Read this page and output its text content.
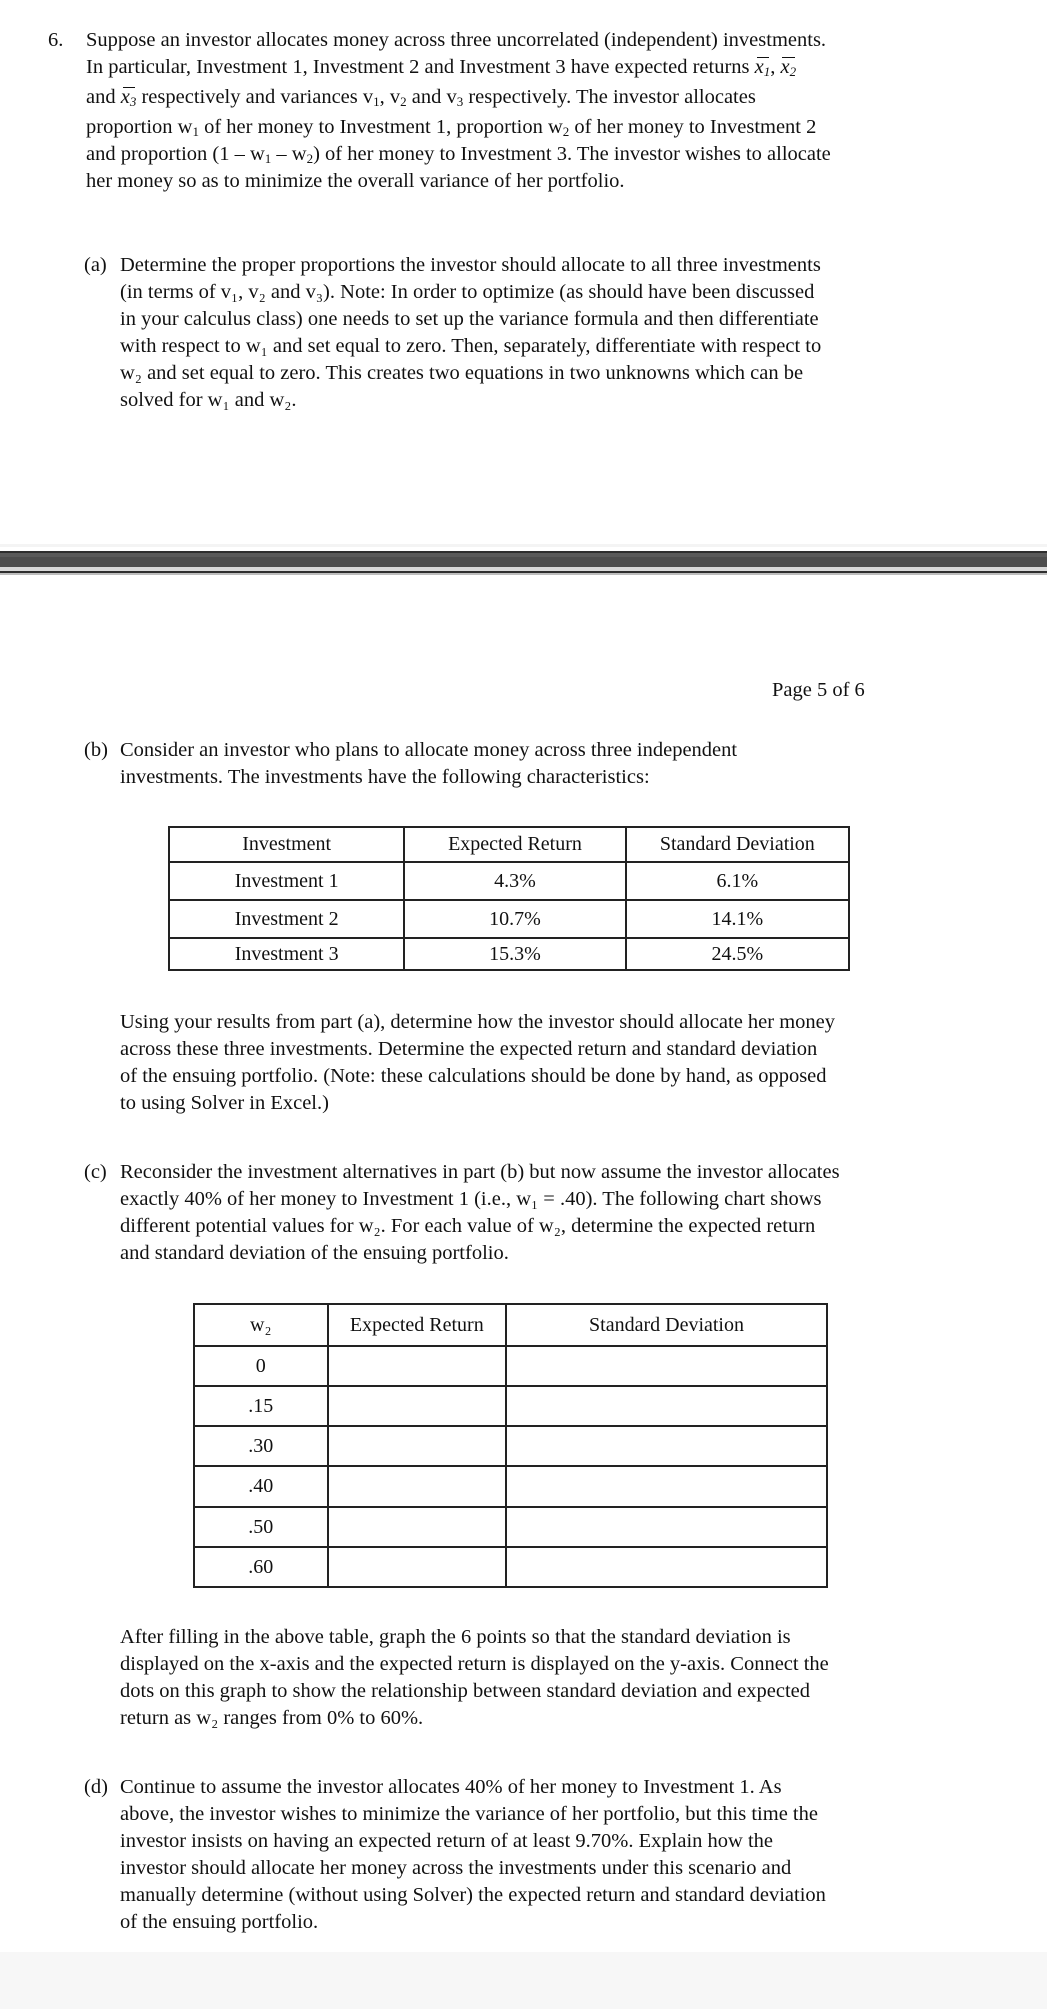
6. Suppose an investor allocates money across three uncorrelated (independent) investments.
In particular, Investment 1, Investment 2 and Investment 3 have expected returns $x_1$, $x_2$
and $x_3$ respectively and variances $v_1$, $v_2$ and $v_3$ respectively. The investor allocates
proportion $w_1$ of her money to Investment 1, proportion $w_2$ of her money to Investment 2
and proportion $(1 - w_1 - w_2)$ of her money to Investment 3. The investor wishes to allocate
her money so as to minimize the overall variance of her portfolio.
(a) Determine the proper proportions the investor should allocate to all three investments
(in terms of v₁, v₂ and v₃). Note: In order to optimize (as should have been discussed
in your calculus class) one needs to set up the variance formula and then differentiate
with respect to w₁ and set equal to zero. Then, separately, differentiate with respect to
w₂ and set equal to zero. This creates two equations in two unknowns which can be
solved for w₁ and w₂.
Page 5 of 6
(b) Consider an investor who plans to allocate money across three independent
investments. The investments have the following characteristics:
Investment	Expected Return	Standard Deviation
Investment 1	4.3%	6.1%
Investment 2	10.7%	14.1%
Investment 3	15.3%	24.5%
Using your results from part (a), determine how the investor should allocate her money
across these three investments. Determine the expected return and standard deviation
of the ensuing portfolio. (Note: these calculations should be done by hand, as opposed
to using Solver in Excel.)
(c) Reconsider the investment alternatives in part (b) but now assume the investor allocates
exactly 40% of her money to Investment 1 (i.e., w₁ = .40). The following chart shows
different potential values for w₂. For each value of w₂, determine the expected return
and standard deviation of the ensuing portfolio.
w₂	Expected Return	Standard Deviation
0		
.15		
.30		
.40		
.50		
.60		
After filling in the above table, graph the 6 points so that the standard deviation is
displayed on the x-axis and the expected return is displayed on the y-axis. Connect the
dots on this graph to show the relationship between standard deviation and expected
return as w₂ ranges from 0% to 60%.
(d) Continue to assume the investor allocates 40% of her money to Investment 1. As
above, the investor wishes to minimize the variance of her portfolio, but this time the
investor insists on having an expected return of at least 9.70%. Explain how the
investor should allocate her money across the investments under this scenario and
manually determine (without using Solver) the expected return and standard deviation
of the ensuing portfolio.
